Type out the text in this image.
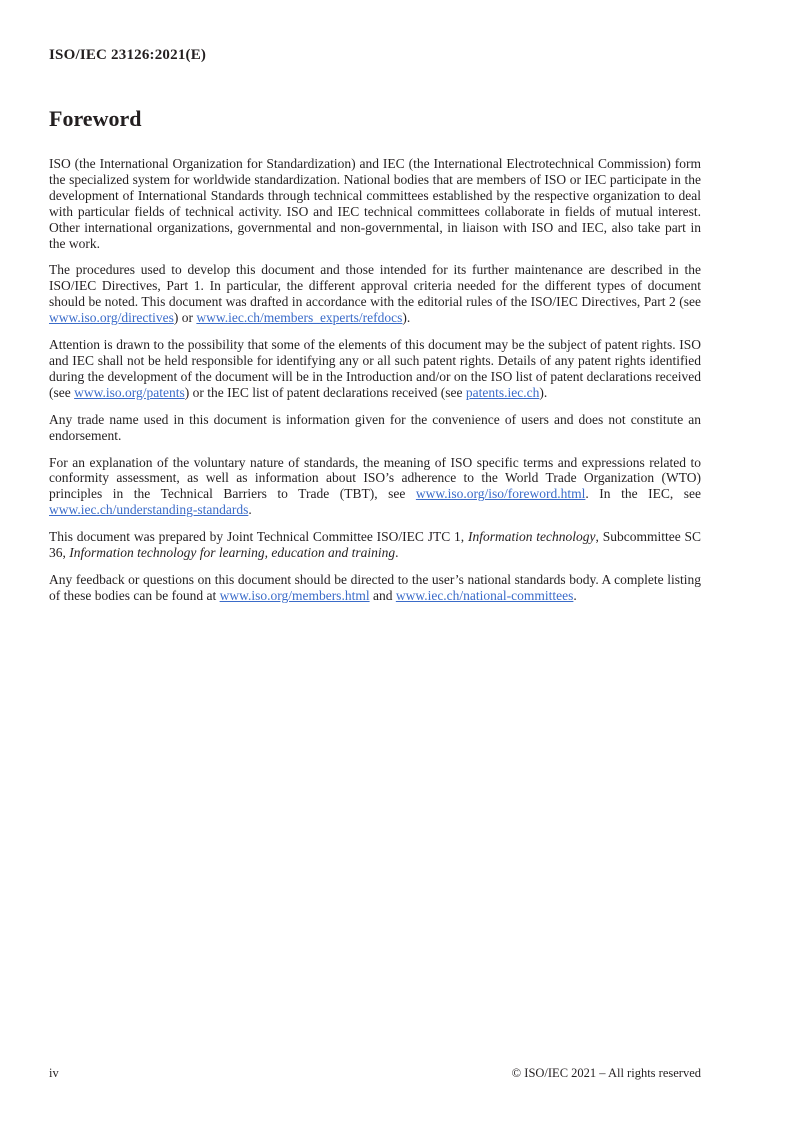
ISO/IEC 23126:2021(E)
Foreword

ISO (the International Organization for Standardization) and IEC (the International Electrotechnical Commission) form the specialized system for worldwide standardization. National bodies that are members of ISO or IEC participate in the development of International Standards through technical committees established by the respective organization to deal with particular fields of technical activity. ISO and IEC technical committees collaborate in fields of mutual interest. Other international organizations, governmental and non-governmental, in liaison with ISO and IEC, also take part in the work.

The procedures used to develop this document and those intended for its further maintenance are described in the ISO/IEC Directives, Part 1. In particular, the different approval criteria needed for the different types of document should be noted. This document was drafted in accordance with the editorial rules of the ISO/IEC Directives, Part 2 (see www.iso.org/directives) or www.iec.ch/members_experts/refdocs).

Attention is drawn to the possibility that some of the elements of this document may be the subject of patent rights. ISO and IEC shall not be held responsible for identifying any or all such patent rights. Details of any patent rights identified during the development of the document will be in the Introduction and/or on the ISO list of patent declarations received (see www.iso.org/patents) or the IEC list of patent declarations received (see patents.iec.ch).

Any trade name used in this document is information given for the convenience of users and does not constitute an endorsement.

For an explanation of the voluntary nature of standards, the meaning of ISO specific terms and expressions related to conformity assessment, as well as information about ISO’s adherence to the World Trade Organization (WTO) principles in the Technical Barriers to Trade (TBT), see www.iso.org/iso/foreword.html. In the IEC, see www.iec.ch/understanding-standards.

This document was prepared by Joint Technical Committee ISO/IEC JTC 1, Information technology, Subcommittee SC 36, Information technology for learning, education and training.

Any feedback or questions on this document should be directed to the user’s national standards body. A complete listing of these bodies can be found at www.iso.org/members.html and www.iec.ch/national-committees.

iv	© ISO/IEC 2021 – All rights reserved
